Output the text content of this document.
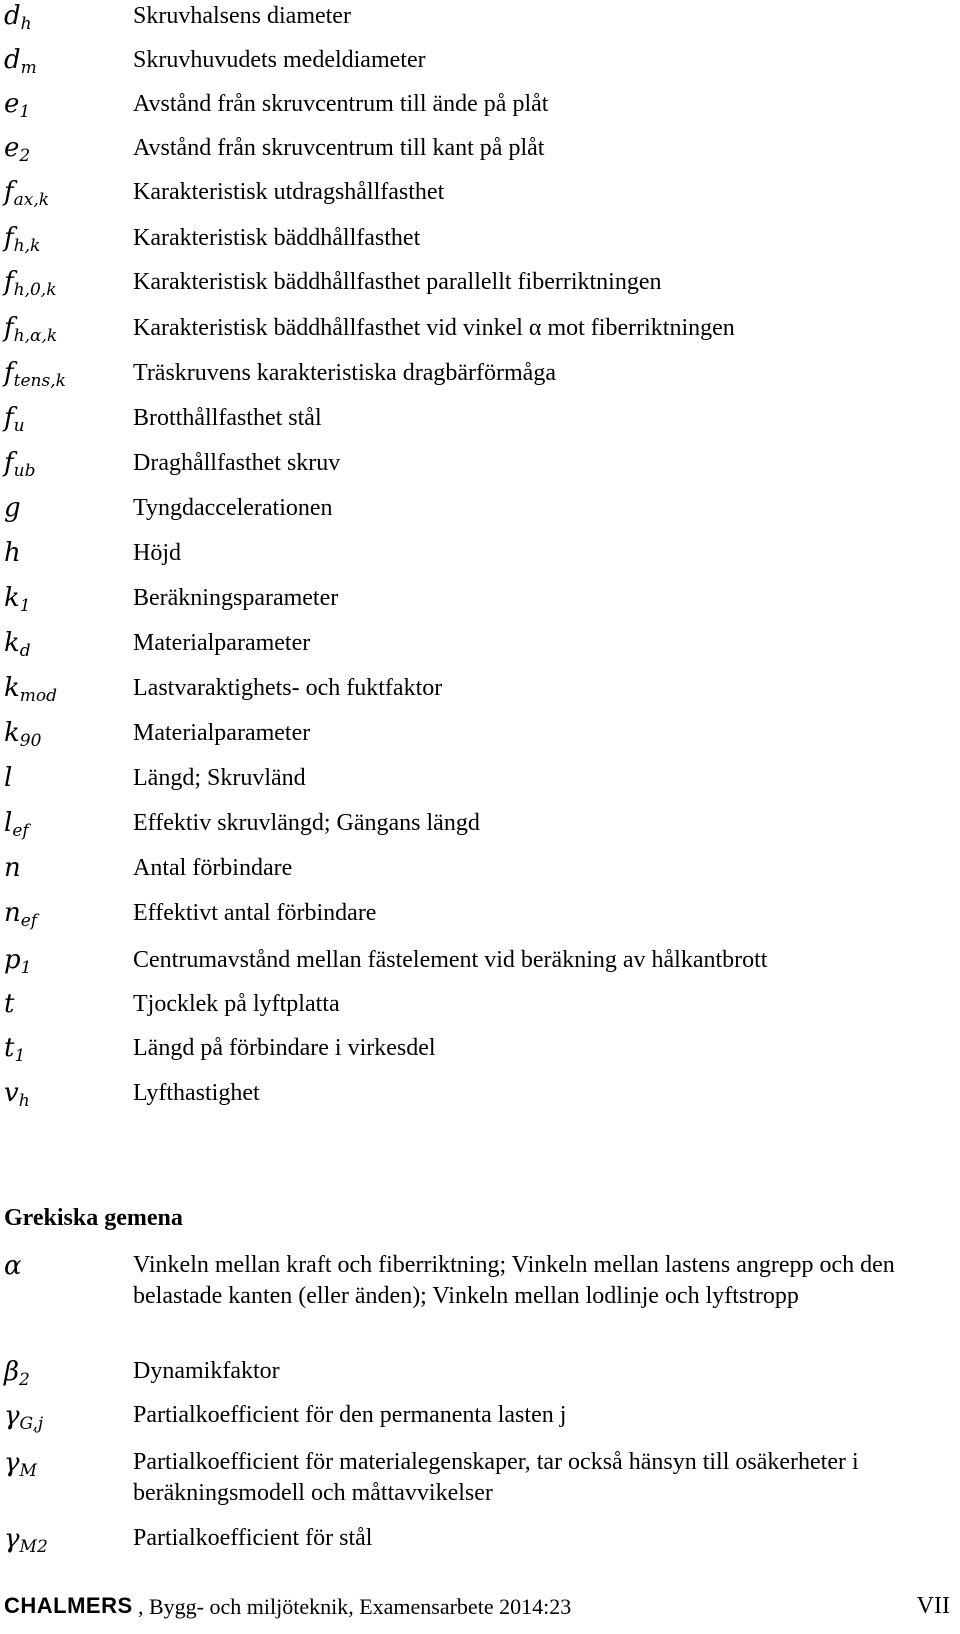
$d_h$	Skruvhalsens diameter
$d_m$	Skruvhuvudets medeldiameter
$e_1$	Avstånd från skruvcentrum till ände på plåt
$e_2$	Avstånd från skruvcentrum till kant på plåt
$f_{ax,k}$	Karakteristisk utdragshållfasthet
$f_{h,k}$	Karakteristisk bäddhållfasthet
$f_{h,0,k}$	Karakteristisk bäddhållfasthet parallellt fiberriktningen
$f_{h,\alpha,k}$	Karakteristisk bäddhållfasthet vid vinkel α mot fiberriktningen
$f_{tens,k}$	Träskruvens karakteristiska dragbärförmåga
$f_u$	Brotthållfasthet stål
$f_{ub}$	Draghållfasthet skruv
g	Tyngdaccelerationen
h	Höjd
$k_1$	Beräkningsparameter
$k_d$	Materialparameter
$k_{mod}$	Lastvaraktighets- och fuktfaktor
$k_{90}$	Materialparameter
l	Längd; Skruvländ
$l_{ef}$	Effektiv skruvlängd; Gängans längd
n	Antal förbindare
$n_{ef}$	Effektivt antal förbindare
$p_1$	Centrumavstånd mellan fästelement vid beräkning av hålkantbrott
t	Tjocklek på lyftplatta
$t_1$	Längd på förbindare i virkesdel
$v_h$	Lyfthastighet
Grekiska gemena
α	Vinkeln mellan kraft och fiberriktning; Vinkeln mellan lastens angrepp och den belastade kanten (eller änden); Vinkeln mellan lodlinje och lyftstropp
$\beta_2$	Dynamikfaktor
$\gamma_{G,j}$	Partialkoefficient för den permanenta lasten j
$\gamma_M$	Partialkoefficient för materialegenskaper, tar också hänsyn till osäkerheter i beräkningsmodell och måttavvikelser
$\gamma_{M2}$	Partialkoefficient för stål
CHALMERS , Bygg- och miljöteknik, Examensarbete 2014:23	VII
